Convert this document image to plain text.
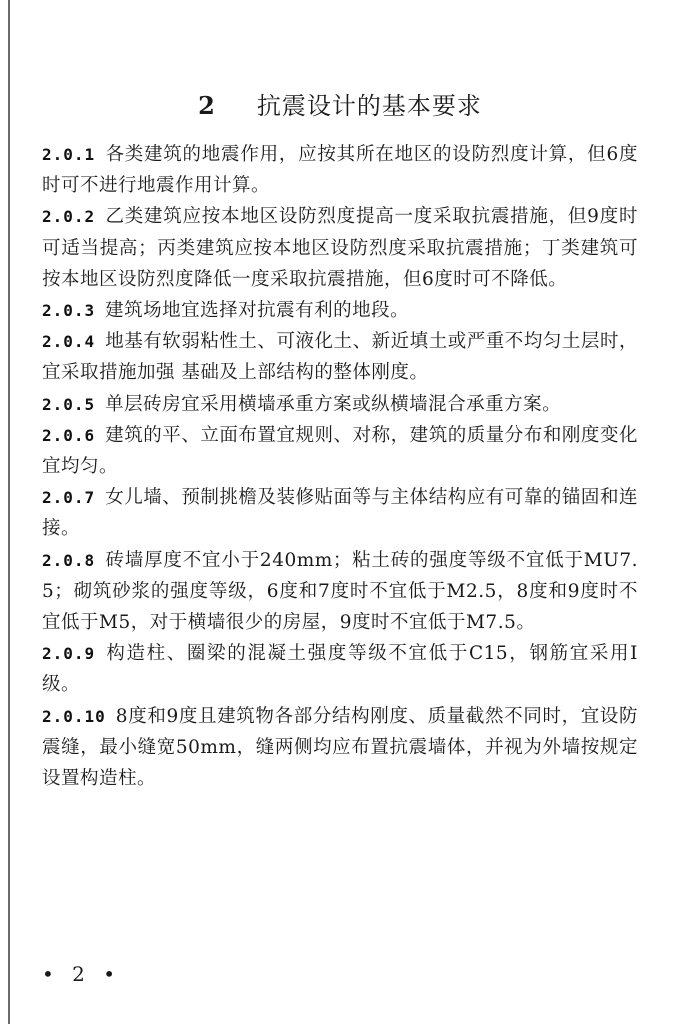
2 抗震设计的基本要求

2.0.1 各类建筑的地震作用，应按其所在地区的设防烈度计算，但6度时可不进行地震作用计算。

2.0.2 乙类建筑应按本地区设防烈度提高一度采取抗震措施，但9度时可适当提高；丙类建筑应按本地区设防烈度采取抗震措施；丁类建筑可按本地区设防烈度降低一度采取抗震措施，但6度时可不降低。

2.0.3 建筑场地宜选择对抗震有利的地段。

2.0.4 地基有软弱粘性土、可液化土、新近填土或严重不均匀土层时，宜采取措施加强 基础及上部结构的整体刚度。

2.0.5 单层砖房宜采用横墙承重方案或纵横墙混合承重方案。

2.0.6 建筑的平、立面布置宜规则、对称，建筑的质量分布和刚度变化宜均匀。

2.0.7 女儿墙、预制挑檐及装修贴面等与主体结构应有可靠的锚固和连接。

2.0.8 砖墙厚度不宜小于240mm；粘土砖的强度等级不宜低于MU7.5；砌筑砂浆的强度等级，6度和7度时不宜低于M2.5，8度和9度时不宜低于M5，对于横墙很少的房屋，9度时不宜低于M7.5。

2.0.9 构造柱、圈梁的混凝土强度等级不宜低于C15，钢筋宜采用Ⅰ级。

2.0.10 8度和9度且建筑物各部分结构刚度、质量截然不同时，宜设防震缝，最小缝宽50mm，缝两侧均应布置抗震墙体，并视为外墙按规定设置构造柱。

• 2 •
